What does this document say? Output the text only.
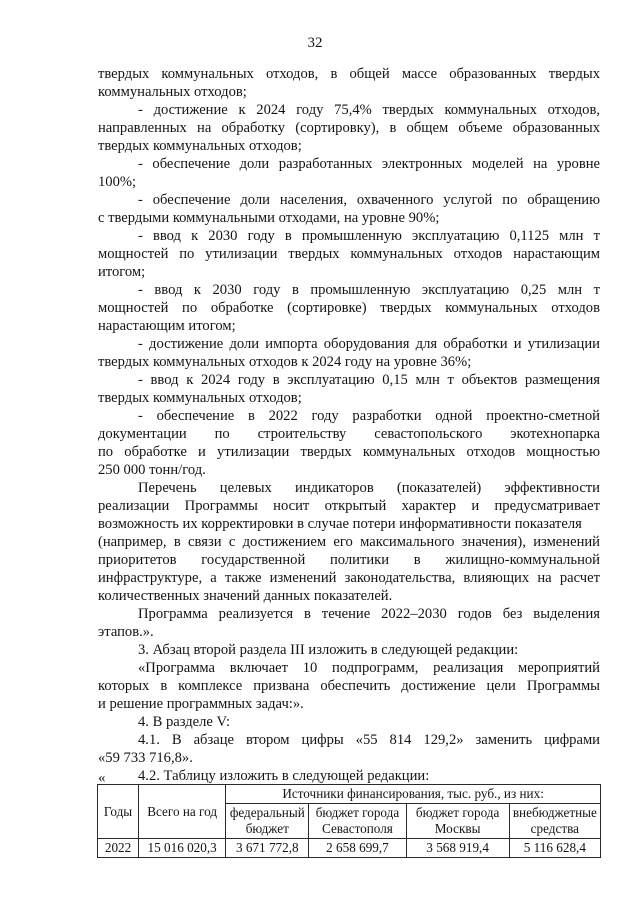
32
твердых коммунальных отходов, в общей массе образованных твердых
коммунальных отходов;
- достижение к 2024 году 75,4% твердых коммунальных отходов,
направленных на обработку (сортировку), в общем объеме образованных
твердых коммунальных отходов;
- обеспечение доли разработанных электронных моделей на уровне
100%;
- обеспечение доли населения, охваченного услугой по обращению
с твердыми коммунальными отходами, на уровне 90%;
- ввод к 2030 году в промышленную эксплуатацию 0,1125 млн т
мощностей по утилизации твердых коммунальных отходов нарастающим
итогом;
- ввод к 2030 году в промышленную эксплуатацию 0,25 млн т
мощностей по обработке (сортировке) твердых коммунальных отходов
нарастающим итогом;
- достижение доли импорта оборудования для обработки и утилизации
твердых коммунальных отходов к 2024 году на уровне 36%;
- ввод к 2024 году в эксплуатацию 0,15 млн т объектов размещения
твердых коммунальных отходов;
- обеспечение в 2022 году разработки одной проектно-сметной
документации по строительству севастопольского экотехнопарка
по обработке и утилизации твердых коммунальных отходов мощностью
250 000 тонн/год.
Перечень целевых индикаторов (показателей) эффективности
реализации Программы носит открытый характер и предусматривает
возможность их корректировки в случае потери информативности показателя
(например, в связи с достижением его максимального значения), изменений
приоритетов государственной политики в жилищно-коммунальной
инфраструктуре, а также изменений законодательства, влияющих на расчет
количественных значений данных показателей.
Программа реализуется в течение 2022–2030 годов без выделения
этапов.».
3. Абзац второй раздела III изложить в следующей редакции:
«Программа включает 10 подпрограмм, реализация мероприятий
которых в комплексе призвана обеспечить достижение цели Программы
и решение программных задач:».
4. В разделе V:
4.1. В абзаце втором цифры «55 814 129,2» заменить цифрами
«59 733 716,8».
4.2. Таблицу изложить в следующей редакции:
«
Годы	Всего на год	Источники финансирования, тыс. руб., из них:			
		федеральный бюджет	бюджет города Севастополя	бюджет города Москвы	внебюджетные средства
2022	15 016 020,3	3 671 772,8	2 658 699,7	3 568 919,4	5 116 628,4
